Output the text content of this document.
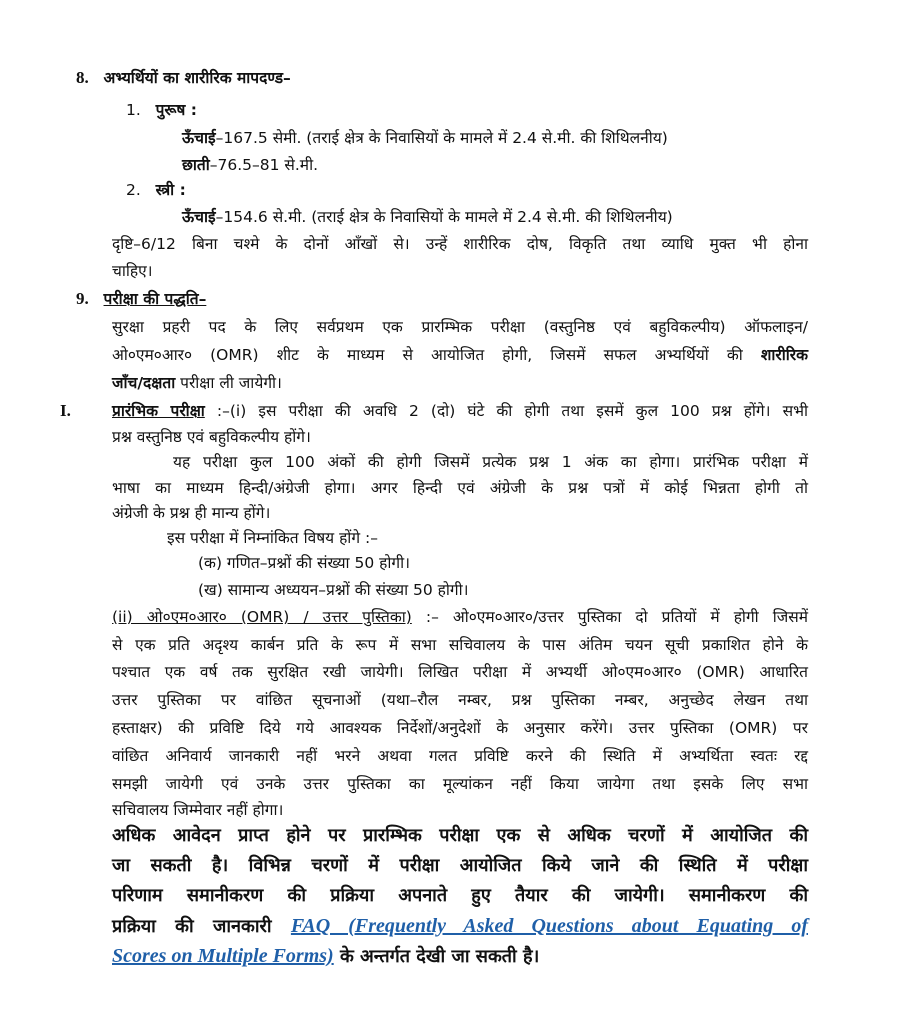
8. अभ्यर्थियों का शारीरिक मापदण्ड–
1. पुरूष :
ऊँचाई–167.5 सेमी. (तराई क्षेत्र के निवासियों के मामले में 2.4 से.मी. की शिथिलनीय)
छाती–76.5–81 से.मी.
2. स्त्री :
ऊँचाई–154.6 से.मी. (तराई क्षेत्र के निवासियों के मामले में 2.4 से.मी. की शिथिलनीय)
दृष्टि–6/12 बिना चश्मे के दोनों आँखों से। उन्हें शारीरिक दोष, विकृति तथा व्याधि मुक्त भी होना
चाहिए।
9. परीक्षा की पद्धति–
सुरक्षा प्रहरी पद के लिए सर्वप्रथम एक प्रारम्भिक परीक्षा (वस्तुनिष्ठ एवं बहुविकल्पीय) ऑफलाइन/
ओ०एम०आर० (OMR) शीट के माध्यम से आयोजित होगी, जिसमें सफल अभ्यर्थियों की शारीरिक
जाँच/दक्षता परीक्षा ली जायेगी।
I.	प्रारंभिक परीक्षा :–(i) इस परीक्षा की अवधि 2 (दो) घंटे की होगी तथा इसमें कुल 100 प्रश्न होंगे। सभी
प्रश्न वस्तुनिष्ठ एवं बहुविकल्पीय होंगे।
यह परीक्षा कुल 100 अंकों की होगी जिसमें प्रत्येक प्रश्न 1 अंक का होगा। प्रारंभिक परीक्षा में
भाषा का माध्यम हिन्दी/अंग्रेजी होगा। अगर हिन्दी एवं अंग्रेजी के प्रश्न पत्रों में कोई भिन्नता होगी तो
अंग्रेजी के प्रश्न ही मान्य होंगे।
इस परीक्षा में निम्नांकित विषय होंगे :–
(क) गणित–प्रश्नों की संख्या 50 होगी।
(ख) सामान्य अध्ययन–प्रश्नों की संख्या 50 होगी।
(ii) ओ०एम०आर० (OMR) / उत्तर पुस्तिका) :– ओ०एम०आर०/उत्तर पुस्तिका दो प्रतियों में होगी जिसमें
से एक प्रति अदृश्य कार्बन प्रति के रूप में सभा सचिवालय के पास अंतिम चयन सूची प्रकाशित होने के
पश्चात एक वर्ष तक सुरक्षित रखी जायेगी। लिखित परीक्षा में अभ्यर्थी ओ०एम०आर० (OMR) आधारित
उत्तर पुस्तिका पर वांछित सूचनाओं (यथा–रौल नम्बर, प्रश्न पुस्तिका नम्बर, अनुच्छेद लेखन तथा
हस्ताक्षर) की प्रविष्टि दिये गये आवश्यक निर्देशों/अनुदेशों के अनुसार करेंगे। उत्तर पुस्तिका (OMR) पर
वांछित अनिवार्य जानकारी नहीं भरने अथवा गलत प्रविष्टि करने की स्थिति में अभ्यर्थिता स्वतः रद्द
समझी जायेगी एवं उनके उत्तर पुस्तिका का मूल्यांकन नहीं किया जायेगा तथा इसके लिए सभा
सचिवालय जिम्मेवार नहीं होगा।
अधिक आवेदन प्राप्त होने पर प्रारम्भिक परीक्षा एक से अधिक चरणों में आयोजित की
जा सकती है। विभिन्न चरणों में परीक्षा आयोजित किये जाने की स्थिति में परीक्षा
परिणाम समानीकरण की प्रक्रिया अपनाते हुए तैयार की जायेगी। समानीकरण की
प्रक्रिया की जानकारी FAQ (Frequently Asked Questions about Equating of
Scores on Multiple Forms) के अन्तर्गत देखी जा सकती है।
